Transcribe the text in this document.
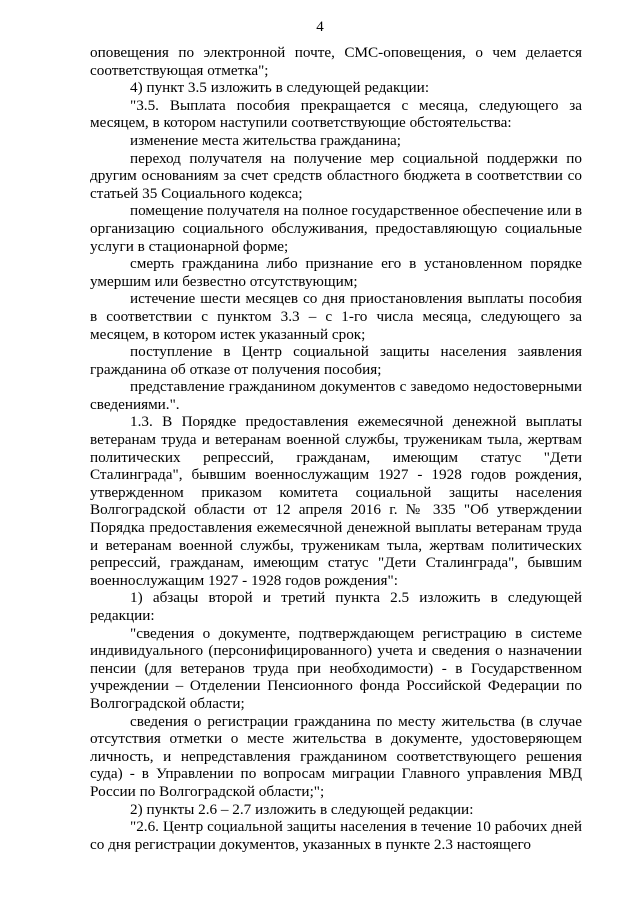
4

оповещения по электронной почте, СМС-оповещения, о чем делается соответствующая отметка";

4) пункт 3.5 изложить в следующей редакции:

"3.5. Выплата пособия прекращается с месяца, следующего за месяцем, в котором наступили соответствующие обстоятельства:

изменение места жительства гражданина;

переход получателя на получение мер социальной поддержки по другим основаниям за счет средств областного бюджета в соответствии со статьей 35 Социального кодекса;

помещение получателя на полное государственное обеспечение или в организацию социального обслуживания, предоставляющую социальные услуги в стационарной форме;

смерть гражданина либо признание его в установленном порядке умершим или безвестно отсутствующим;

истечение шести месяцев со дня приостановления выплаты пособия в соответствии с пунктом 3.3 – с 1-го числа месяца, следующего за месяцем, в котором истек указанный срок;

поступление в Центр социальной защиты населения заявления гражданина об отказе от получения пособия;

представление гражданином документов с заведомо недостоверными сведениями.".

1.3. В Порядке предоставления ежемесячной денежной выплаты ветеранам труда и ветеранам военной службы, труженикам тыла, жертвам политических репрессий, гражданам, имеющим статус "Дети Сталинграда", бывшим военнослужащим 1927 - 1928 годов рождения, утвержденном приказом комитета социальной защиты населения Волгоградской области от 12 апреля 2016 г. № 335 "Об утверждении Порядка предоставления ежемесячной денежной выплаты ветеранам труда и ветеранам военной службы, труженикам тыла, жертвам политических репрессий, гражданам, имеющим статус "Дети Сталинграда", бывшим военнослужащим 1927 - 1928 годов рождения":

1) абзацы второй и третий пункта 2.5 изложить в следующей редакции:

"сведения о документе, подтверждающем регистрацию в системе индивидуального (персонифицированного) учета и сведения о назначении пенсии (для ветеранов труда при необходимости) - в Государственном учреждении – Отделении Пенсионного фонда Российской Федерации по Волгоградской области;

сведения о регистрации гражданина по месту жительства (в случае отсутствия отметки о месте жительства в документе, удостоверяющем личность, и непредставления гражданином соответствующего решения суда) - в Управлении по вопросам миграции Главного управления МВД России по Волгоградской области;";

2) пункты 2.6 – 2.7 изложить в следующей редакции:

"2.6. Центр социальной защиты населения в течение 10 рабочих дней со дня регистрации документов, указанных в пункте 2.3 настоящего
